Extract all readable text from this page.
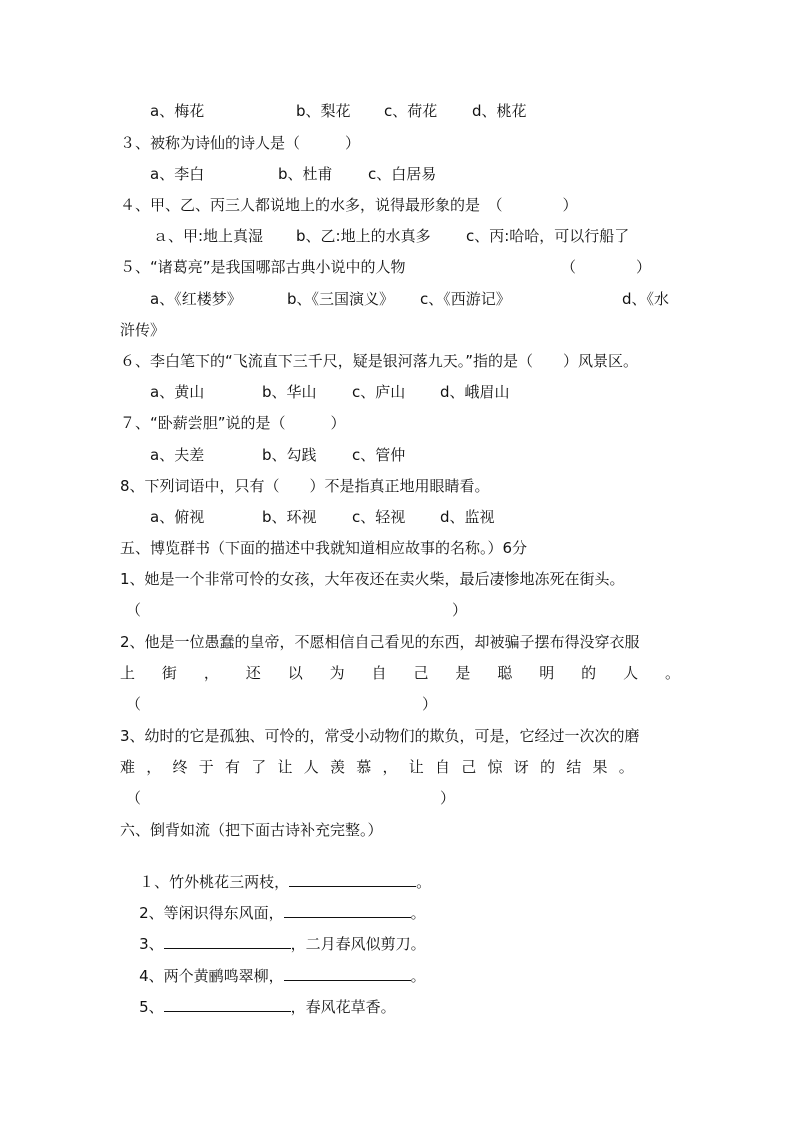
a、梅花	b、梨花 c、荷花 d、桃花
３、被称为诗仙的诗人是（　　　）
a、李白	b、杜甫 c、白居易
４、甲、乙、丙三人都说地上的水多，说得最形象的是　（　　　　）
ａ、甲:地上真湿 b、乙:地上的水真多 c、丙:哈哈，可以行船了
５、“诸葛亮”是我国哪部古典小说中的人物	（　　　　）
a、《红楼梦》	b、《三国演义》 c、《西游记》	d、《水
浒传》
６、李白笔下的“飞流直下三千尺，疑是银河落九天。”指的是（　　）风景区。
a、黄山	b、华山 c、庐山 d、峨眉山
７、“卧薪尝胆”说的是（　　　）
a、夫差	b、勾践 c、管仲
8、下列词语中，只有（　　）不是指真正地用眼睛看。
a、俯视	b、环视 c、轻视 d、监视
五、博览群书（下面的描述中我就知道相应故事的名称。）6分
1、她是一个非常可怜的女孩，大年夜还在卖火柴，最后凄惨地冻死在街头。
（	）
2、他是一位愚蠢的皇帝，不愿相信自己看见的东西，却被骗子摆布得没穿衣服
上 街 ， 还 以 为 自 己 是 聪 明 的 人 。
（	）
3、幼时的它是孤独、可怜的，常受小动物们的欺负，可是，它经过一次次的磨
难 ， 终 于 有 了 让 人 羡 慕 ， 让 自 己 惊 讶 的 结 果 。
（	）
六、倒背如流（把下面古诗补充完整。）

１、竹外桃花三两枝，	。

2、等闲识得东风面，	。

3、	，二月春风似剪刀。

4、两个黄鹂鸣翠柳，	。

5、	，春风花草香。
